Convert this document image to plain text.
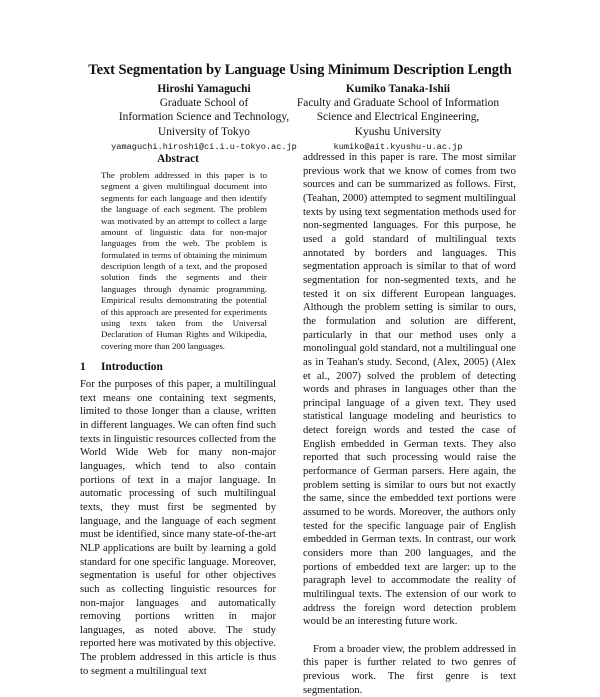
Text Segmentation by Language Using Minimum Description Length
Hiroshi Yamaguchi
Graduate School of
Information Science and Technology,
University of Tokyo
yamaguchi.hiroshi@ci.i.u-tokyo.ac.jp
Kumiko Tanaka-Ishii
Faculty and Graduate School of Information
Science and Electrical Engineering,
Kyushu University
kumiko@ait.kyushu-u.ac.jp
Abstract
The problem addressed in this paper is to segment a given multilingual document into segments for each language and then identify the language of each segment. The problem was motivated by an attempt to collect a large amount of linguistic data for non-major languages from the web. The problem is formulated in terms of obtaining the minimum description length of a text, and the proposed solution finds the segments and their languages through dynamic programming. Empirical results demonstrating the potential of this approach are presented for experiments using texts taken from the Universal Declaration of Human Rights and Wikipedia, covering more than 200 languages.
1 Introduction

For the purposes of this paper, a multilingual text means one containing text segments, limited to those longer than a clause, written in different languages. We can often find such texts in linguistic resources collected from the World Wide Web for many non-major languages, which tend to also contain portions of text in a major language. In automatic processing of such multilingual texts, they must first be segmented by language, and the language of each segment must be identified, since many state-of-the-art NLP applications are built by learning a gold standard for one specific language. Moreover, segmentation is useful for other objectives such as collecting linguistic resources for non-major languages and automatically removing portions written in major languages, as noted above. The study reported here was motivated by this objective. The problem addressed in this article is thus to segment a multilingual text

addressed in this paper is rare. The most similar previous work that we know of comes from two sources and can be summarized as follows. First, (Teahan, 2000) attempted to segment multilingual texts by using text segmentation methods used for non-segmented languages. For this purpose, he used a gold standard of multilingual texts annotated by borders and languages. This segmentation approach is similar to that of word segmentation for non-segmented texts, and he tested it on six different European languages. Although the problem setting is similar to ours, the formulation and solution are different, particularly in that our method uses only a monolingual gold standard, not a multilingual one as in Teahan's study. Second, (Alex, 2005) (Alex et al., 2007) solved the problem of detecting words and phrases in languages other than the principal language of a given text. They used statistical language modeling and heuristics to detect foreign words and tested the case of English embedded in German texts. They also reported that such processing would raise the performance of German parsers. Here again, the problem setting is similar to ours but not exactly the same, since the embedded text portions were assumed to be words. Moreover, the authors only tested for the specific language pair of English embedded in German texts. In contrast, our work considers more than 200 languages, and the portions of embedded text are larger: up to the paragraph level to accommodate the reality of multilingual texts. The extension of our work to address the foreign word detection problem would be an interesting future work.

From a broader view, the problem addressed in this paper is further related to two genres of previous work. The first genre is text segmentation.
